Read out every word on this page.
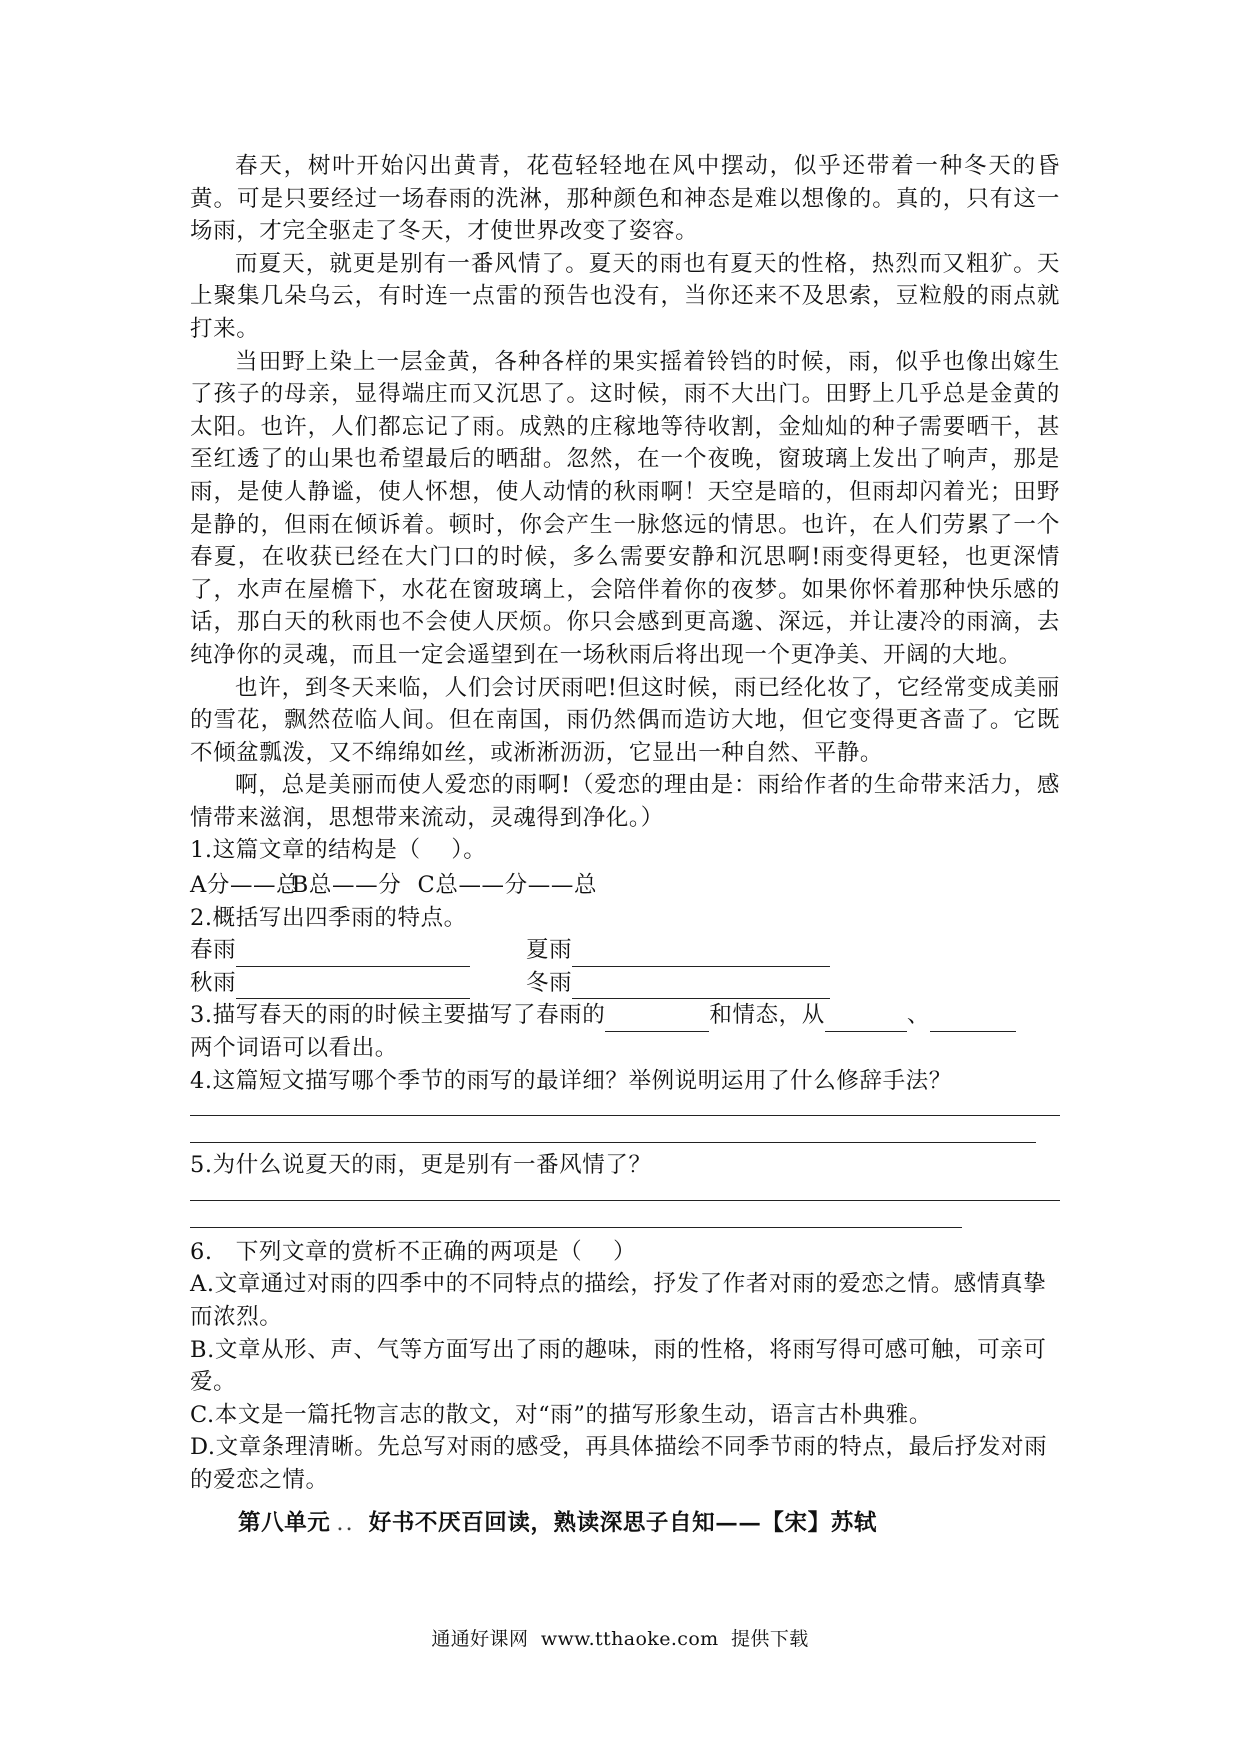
春天，树叶开始闪出黄青，花苞轻轻地在风中摆动，似乎还带着一种冬天的昏黄。可是只要经过一场春雨的洗淋，那种颜色和神态是难以想像的。真的，只有这一场雨，才完全驱走了冬天，才使世界改变了姿容。

而夏天，就更是别有一番风情了。夏天的雨也有夏天的性格，热烈而又粗犷。天上聚集几朵乌云，有时连一点雷的预告也没有，当你还来不及思索，豆粒般的雨点就打来。

当田野上染上一层金黄，各种各样的果实摇着铃铛的时候，雨，似乎也像出嫁生了孩子的母亲，显得端庄而又沉思了。这时候，雨不大出门。田野上几乎总是金黄的太阳。也许，人们都忘记了雨。成熟的庄稼地等待收割，金灿灿的种子需要晒干，甚至红透了的山果也希望最后的晒甜。忽然，在一个夜晚，窗玻璃上发出了响声，那是雨，是使人静谧，使人怀想，使人动情的秋雨啊！天空是暗的，但雨却闪着光；田野是静的，但雨在倾诉着。顿时，你会产生一脉悠远的情思。也许，在人们劳累了一个春夏，在收获已经在大门口的时候，多么需要安静和沉思啊!雨变得更轻，也更深情了，水声在屋檐下，水花在窗玻璃上，会陪伴着你的夜梦。如果你怀着那种快乐感的话，那白天的秋雨也不会使人厌烦。你只会感到更高邈、深远，并让凄冷的雨滴，去纯净你的灵魂，而且一定会遥望到在一场秋雨后将出现一个更净美、开阔的大地。

也许，到冬天来临，人们会讨厌雨吧!但这时候，雨已经化妆了，它经常变成美丽的雪花，飘然莅临人间。但在南国，雨仍然偶而造访大地，但它变得更吝啬了。它既不倾盆瓢泼，又不绵绵如丝，或淅淅沥沥，它显出一种自然、平静。

啊，总是美丽而使人爱恋的雨啊!（爱恋的理由是：雨给作者的生命带来活力，感情带来滋润，思想带来流动，灵魂得到净化。）

1.这篇文章的结构是（　 ）。

A分——总 B总——分 C总——分——总

2.概括写出四季雨的特点。

春雨	夏雨

秋雨	冬雨

3.描写春天的雨的时候主要描写了春雨的	和情态，从	、

两个词语可以看出。

4.这篇短文描写哪个季节的雨写的最详细？举例说明运用了什么修辞手法？

5.为什么说夏天的雨，更是别有一番风情了？

6.　下列文章的赏析不正确的两项是（　 ）

A.文章通过对雨的四季中的不同特点的描绘，抒发了作者对雨的爱恋之情。感情真挚而浓烈。

B.文章从形、声、气等方面写出了雨的趣味，雨的性格，将雨写得可感可触，可亲可爱。

C.本文是一篇托物言志的散文，对“雨”的描写形象生动，语言古朴典雅。

D.文章条理清晰。先总写对雨的感受，再具体描绘不同季节雨的特点，最后抒发对雨的爱恋之情。

第八单元 .. 好书不厌百回读，熟读深思子自知——【宋】苏轼

通通好课网 www.tthaoke.com 提供下载
